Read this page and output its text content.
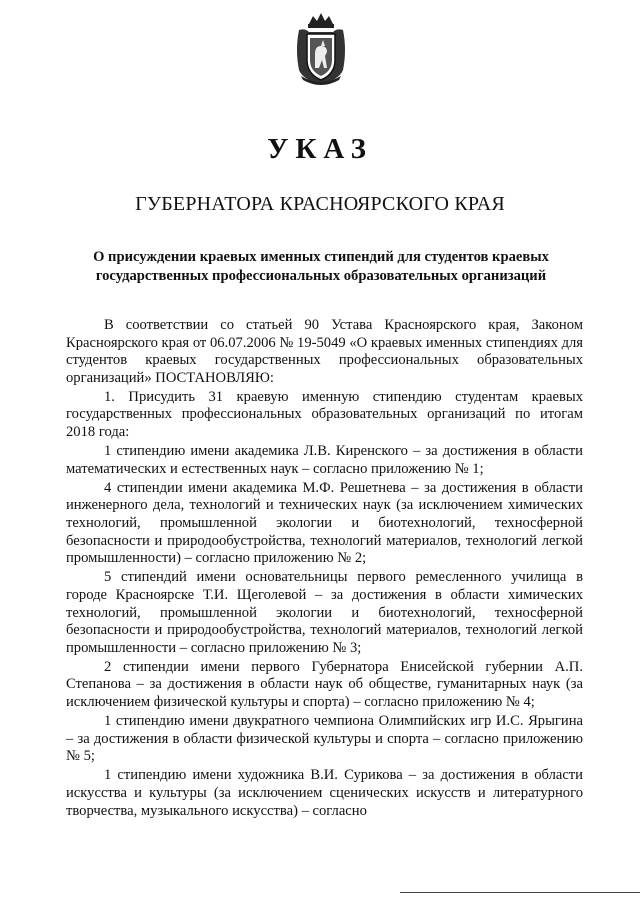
УКАЗ
ГУБЕРНАТОРА КРАСНОЯРСКОГО КРАЯ
О присуждении краевых именных стипендий для студентов краевых
государственных профессиональных образовательных организаций

В соответствии со статьей 90 Устава Красноярского края, Законом Красноярского края от 06.07.2006 № 19-5049 «О краевых именных стипендиях для студентов краевых государственных профессиональных образовательных организаций» ПОСТАНОВЛЯЮ:

1. Присудить 31 краевую именную стипендию студентам краевых государственных профессиональных образовательных организаций по итогам 2018 года:

1 стипендию имени академика Л.В. Киренского – за достижения в области математических и естественных наук – согласно приложению № 1;

4 стипендии имени академика М.Ф. Решетнева – за достижения в области инженерного дела, технологий и технических наук (за исключением химических технологий, промышленной экологии и биотехнологий, техносферной безопасности и природообустройства, технологий материалов, технологий легкой промышленности) – согласно приложению № 2;

5 стипендий имени основательницы первого ремесленного училища в городе Красноярске Т.И. Щеголевой – за достижения в области химических технологий, промышленной экологии и биотехнологий, техносферной безопасности и природообустройства, технологий материалов, технологий легкой промышленности – согласно приложению № 3;

2 стипендии имени первого Губернатора Енисейской губернии А.П. Степанова – за достижения в области наук об обществе, гуманитарных наук (за исключением физической культуры и спорта) – согласно приложению № 4;

1 стипендию имени двукратного чемпиона Олимпийских игр И.С. Ярыгина – за достижения в области физической культуры и спорта – согласно приложению № 5;

1 стипендию имени художника В.И. Сурикова – за достижения в области искусства и культуры (за исключением сценических искусств и литературного творчества, музыкального искусства) – согласно
